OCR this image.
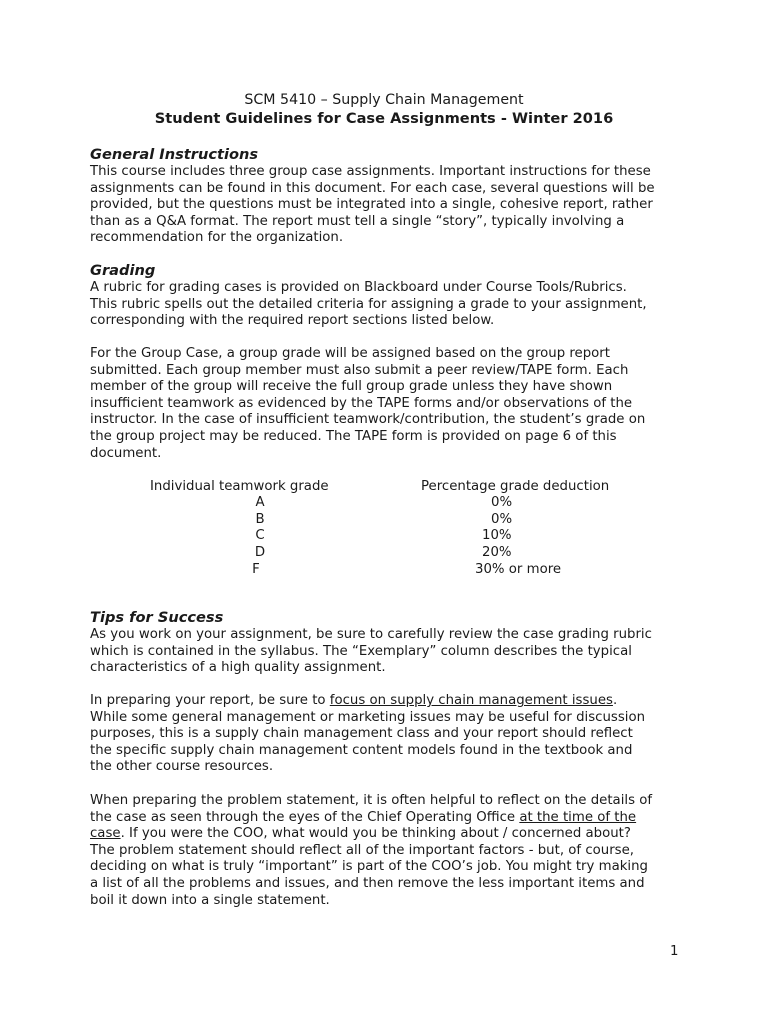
SCM 5410 – Supply Chain Management
Student Guidelines for Case Assignments - Winter 2016
General Instructions

This course includes three group case assignments. Important instructions for these
assignments can be found in this document. For each case, several questions will be
provided, but the questions must be integrated into a single, cohesive report, rather
than as a Q&A format. The report must tell a single “story”, typically involving a
recommendation for the organization.

Grading

A rubric for grading cases is provided on Blackboard under Course Tools/Rubrics.
This rubric spells out the detailed criteria for assigning a grade to your assignment,
corresponding with the required report sections listed below.

For the Group Case, a group grade will be assigned based on the group report
submitted. Each group member must also submit a peer review/TAPE form. Each
member of the group will receive the full group grade unless they have shown
insufficient teamwork as evidenced by the TAPE forms and/or observations of the
instructor. In the case of insufficient teamwork/contribution, the student’s grade on
the group project may be reduced. The TAPE form is provided on page 6 of this
document.

Individual teamwork grade	Percentage grade deduction
A	0%
B	0%
C	10%
D	20%
F	30% or more
Tips for Success

As you work on your assignment, be sure to carefully review the case grading rubric
which is contained in the syllabus. The “Exemplary” column describes the typical
characteristics of a high quality assignment.

In preparing your report, be sure to focus on supply chain management issues.
While some general management or marketing issues may be useful for discussion
purposes, this is a supply chain management class and your report should reflect
the specific supply chain management content models found in the textbook and
the other course resources.

When preparing the problem statement, it is often helpful to reflect on the details of
the case as seen through the eyes of the Chief Operating Office at the time of the
case. If you were the COO, what would you be thinking about / concerned about?
The problem statement should reflect all of the important factors - but, of course,
deciding on what is truly “important” is part of the COO’s job. You might try making
a list of all the problems and issues, and then remove the less important items and
boil it down into a single statement.

1
